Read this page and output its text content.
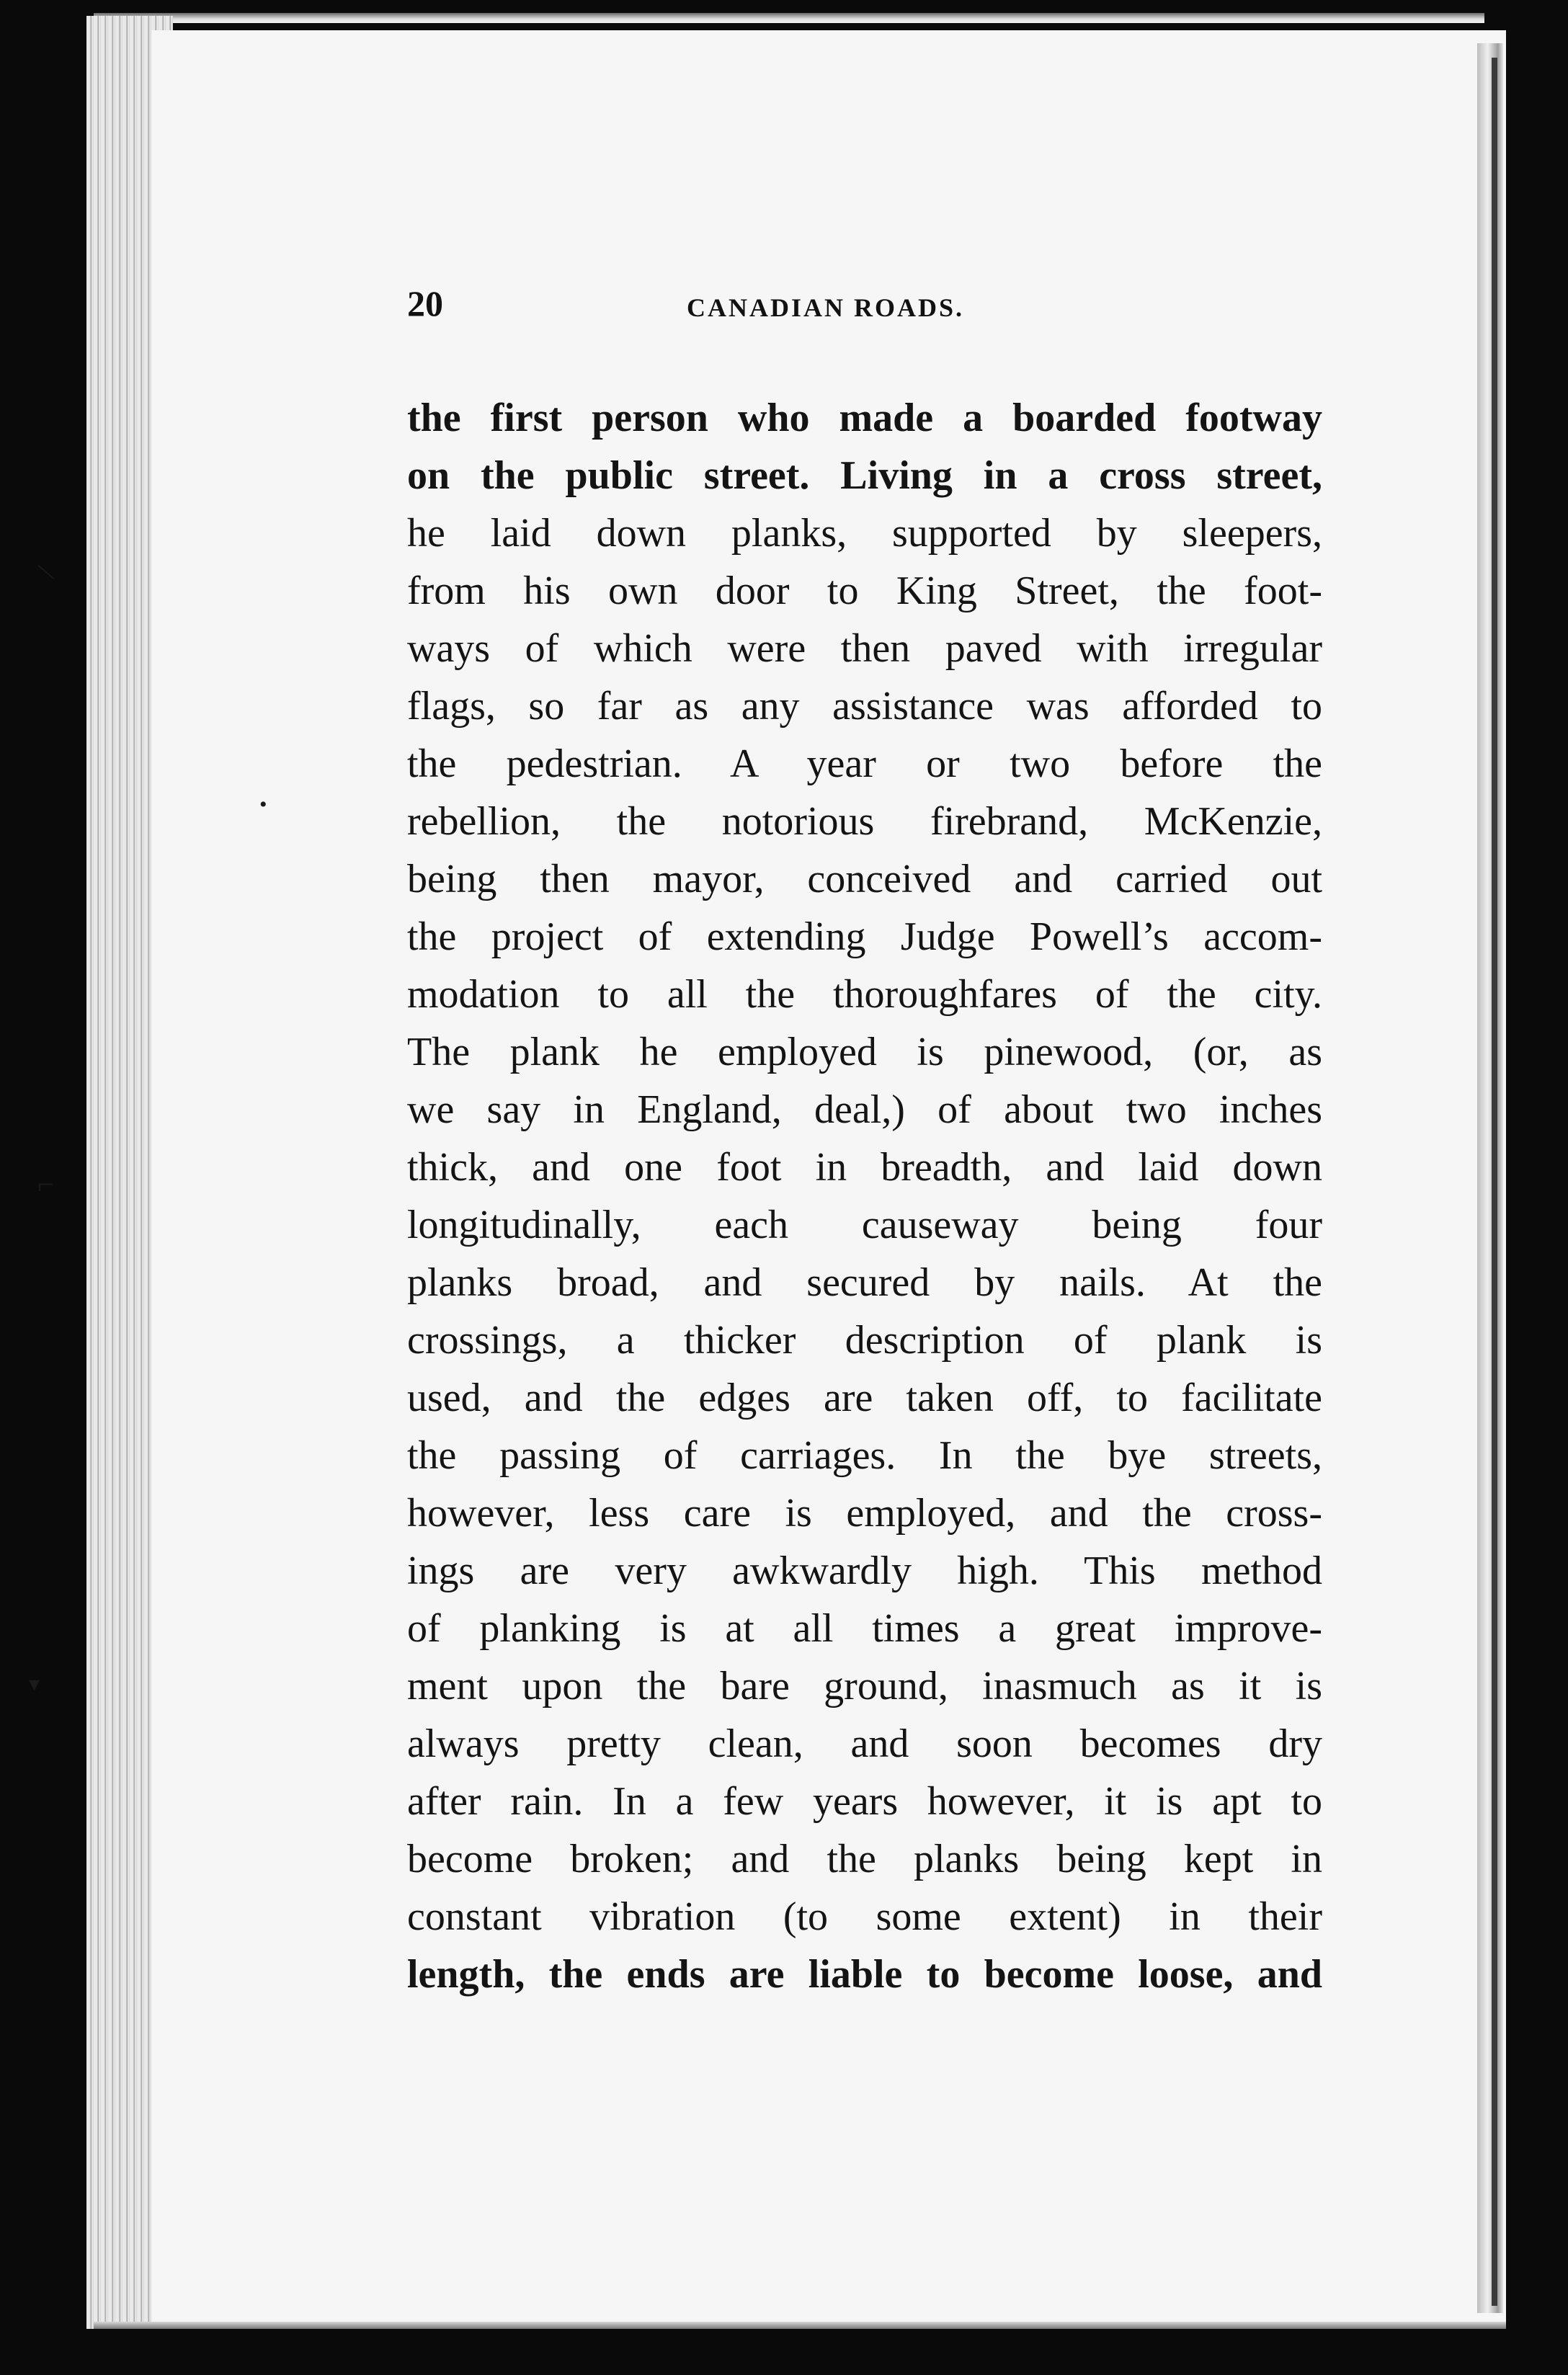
\
•
⌐
▾
20	CANADIAN ROADS.
the first person who made a boarded footway
on the public street. Living in a cross street,
he laid down planks, supported by sleepers,
from his own door to King Street, the foot-
ways of which were then paved with irregular
flags, so far as any assistance was afforded to
the pedestrian. A year or two before the
rebellion, the notorious firebrand, McKenzie,
being then mayor, conceived and carried out
the project of extending Judge Powell’s accom-
modation to all the thoroughfares of the city.
The plank he employed is pinewood, (or, as
we say in England, deal,) of about two inches
thick, and one foot in breadth, and laid down
longitudinally, each causeway being four
planks broad, and secured by nails. At the
crossings, a thicker description of plank is
used, and the edges are taken off, to facilitate
the passing of carriages. In the bye streets,
however, less care is employed, and the cross-
ings are very awkwardly high. This method
of planking is at all times a great improve-
ment upon the bare ground, inasmuch as it is
always pretty clean, and soon becomes dry
after rain. In a few years however, it is apt to
become broken; and the planks being kept in
constant vibration (to some extent) in their
length, the ends are liable to become loose, and
